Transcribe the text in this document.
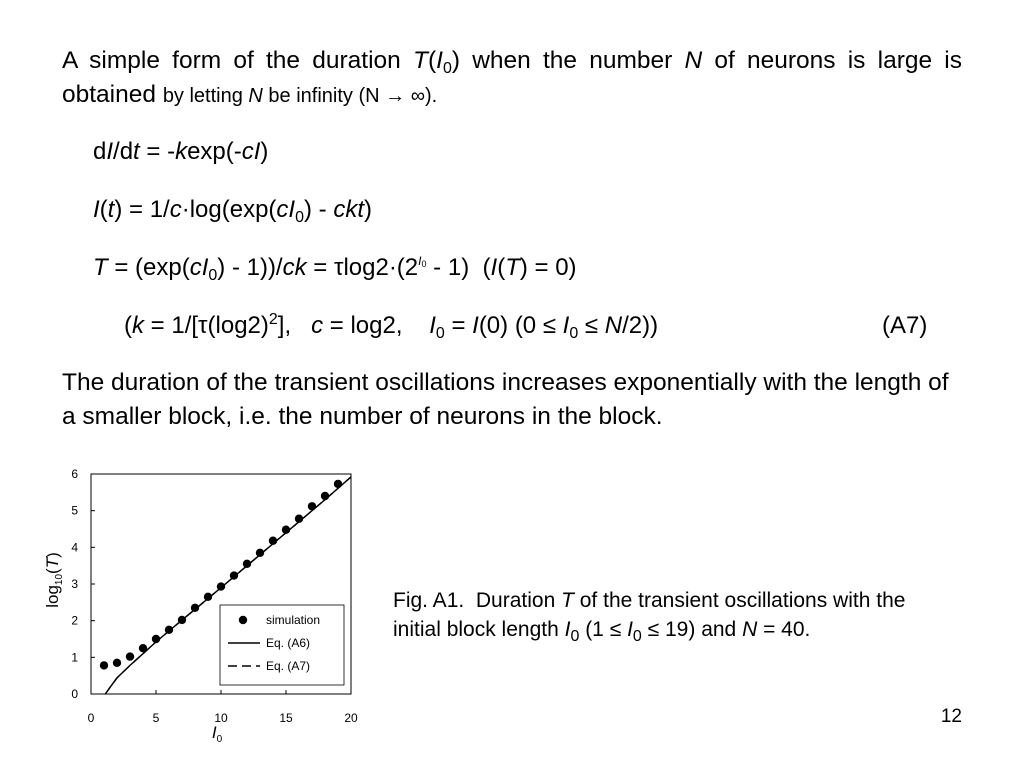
A simple form of the duration $T(I_0)$ when the number N of neurons is large is obtained by letting N be infinity (N → ∞).

dI/dt = -kexp(-cI)
$I(t) = 1/c\cdot\log(\exp(cI_0) - ckt)$
$T = (\exp(cI_0) - 1))/ck = \tau\log 2\cdot(2^{I_0} - 1)$  (I(T) = 0)
($k = 1/[\tau(\log 2)^2]$,   c = log2,    $I_0 = I(0) (0 \le I_0 \le N/2)$)	(A7)

The duration of the transient oscillations increases exponentially with the length of a smaller block, i.e. the number of neurons in the block.

0	5	10	15	20
0
1
2
3
4
5
6
$I_0$
$\log_{10}(T)$
simulation
Eq. (A6)
Eq. (A7)
Fig. A1.  Duration T of the transient oscillations with the initial block length $I_0$ $(1 \le I_0 \le 19)$ and N = 40.
12
